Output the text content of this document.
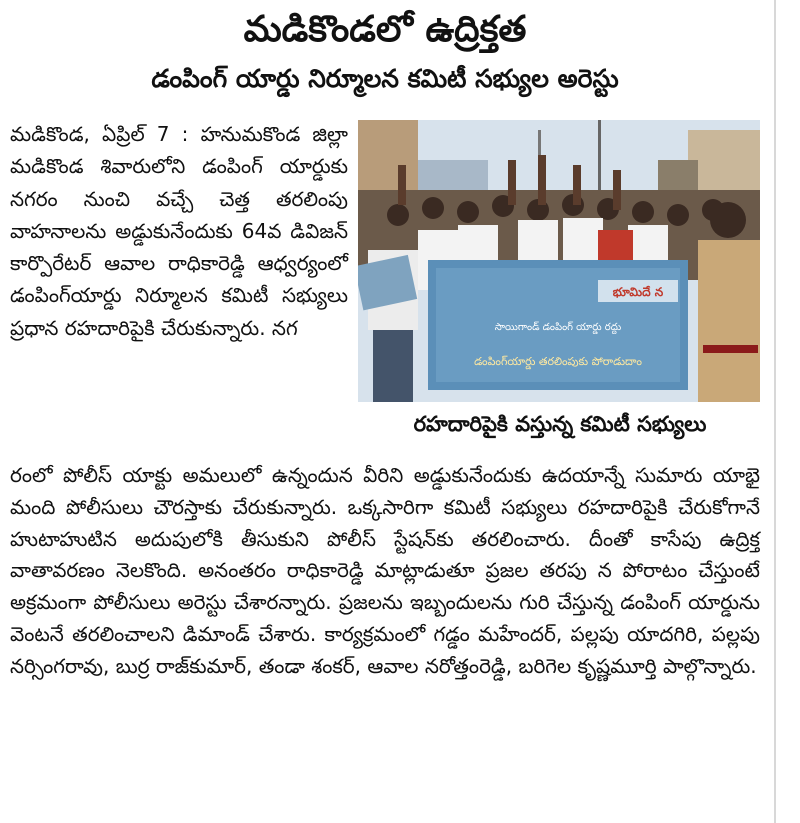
మడికొండలో ఉద్రిక్తత
డంపింగ్ యార్డు నిర్మూలన కమిటీ సభ్యుల అరెస్టు

మడికొండ, ఏప్రిల్ 7 : హనుమకొండ జిల్లా మడికొండ శివారులోని డంపింగ్ యార్డుకు నగరం నుంచి వచ్చే చెత్త తరలింపు వాహనాలను అడ్డుకునేందుకు 64వ డివిజన్ కార్పొరేటర్ ఆవాల రాధికారెడ్డి ఆధ్వర్యంలో డంపింగ్‌యార్డు నిర్మూలన కమిటీ సభ్యులు ప్రధాన రహదారిపైకి చేరుకున్నారు. నగ

భూమిదే న
సాయిగాండ్ డంపింగ్ యార్డు రద్దు
డంపింగ్‌యార్డు తరలింపుకు పోరాడుదాం
రహదారిపైకి వస్తున్న కమిటీ సభ్యులు

రంలో పోలీస్ యాక్టు అమలులో ఉన్నందున వీరిని అడ్డుకునేందుకు ఉదయాన్నే సుమారు యాభై మంది పోలీసులు చౌరస్తాకు చేరుకున్నారు. ఒక్కసారిగా కమిటీ సభ్యులు రహదారిపైకి చేరుకోగానే హుటాహుటిన అదుపులోకి తీసుకుని పోలీస్ స్టేషన్‌కు తరలించారు. దీంతో కాసేపు ఉద్రిక్త వాతావరణం నెలకొంది. అనంతరం రాధికారెడ్డి మాట్లాడుతూ ప్రజల తరపు న పోరాటం చేస్తుంటే అక్రమంగా పోలీసులు అరెస్టు చేశారన్నారు. ప్రజలను ఇబ్బందులను గురి చేస్తున్న డంపింగ్ యార్డును వెంటనే తరలించాలని డిమాండ్ చేశారు. కార్యక్రమంలో గడ్డం మహేందర్, పల్లపు యాదగిరి, పల్లపు నర్సింగరావు, బుర్ర రాజ్‌కుమార్, తండా శంకర్, ఆవాల నరోత్తంరెడ్డి, బరిగెల కృష్ణమూర్తి పాల్గొన్నారు.
